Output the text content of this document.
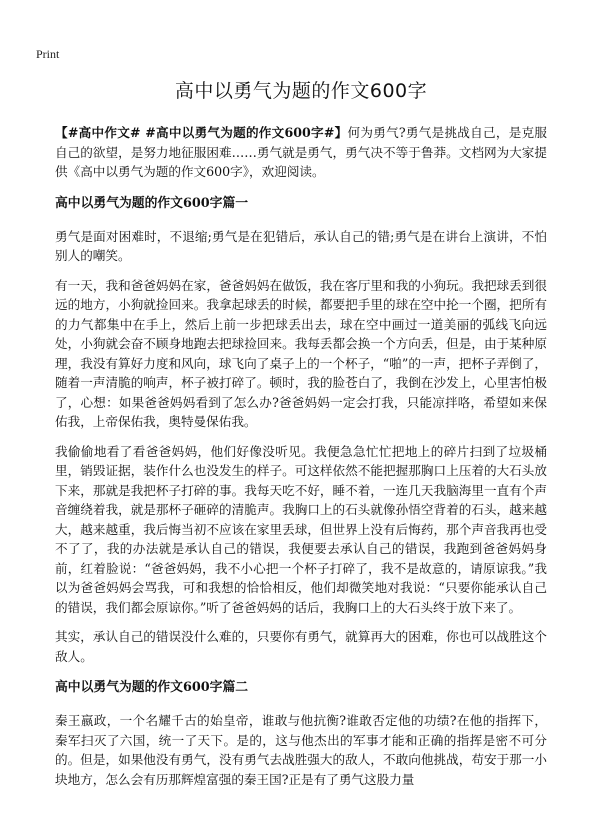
Print
高中以勇气为题的作文600字

【#高中作文# #高中以勇气为题的作文600字#】何为勇气?勇气是挑战自己，是克服自己的欲望，是努力地征服困难……勇气就是勇气，勇气决不等于鲁莽。文档网为大家提供《高中以勇气为题的作文600字》，欢迎阅读。

高中以勇气为题的作文600字篇一

勇气是面对困难时，不退缩;勇气是在犯错后，承认自己的错;勇气是在讲台上演讲，不怕别人的嘲笑。

有一天，我和爸爸妈妈在家，爸爸妈妈在做饭，我在客厅里和我的小狗玩。我把球丢到很远的地方，小狗就捡回来。我拿起球丢的时候，都要把手里的球在空中抡一个圈，把所有的力气都集中在手上，然后上前一步把球丢出去，球在空中画过一道美丽的弧线飞向远处，小狗就会奋不顾身地跑去把球捡回来。我每丢都会换一个方向丢，但是，由于某种原理，我没有算好力度和风向，球飞向了桌子上的一个杯子，“啪”的一声，把杯子弄倒了，随着一声清脆的响声，杯子被打碎了。顿时，我的脸苍白了，我倒在沙发上，心里害怕极了，心想：如果爸爸妈妈看到了怎么办?爸爸妈妈一定会打我，只能凉拌咯，希望如来保佑我，上帝保佑我，奥特曼保佑我。

我偷偷地看了看爸爸妈妈，他们好像没听见。我便急急忙忙把地上的碎片扫到了垃圾桶里，销毁证据，装作什么也没发生的样子。可这样依然不能把握那胸口上压着的大石头放下来，那就是我把杯子打碎的事。我每天吃不好，睡不着，一连几天我脑海里一直有个声音缠绕着我，就是那杯子砸碎的清脆声。我胸口上的石头就像孙悟空背着的石头，越来越大，越来越重，我后悔当初不应该在家里丢球，但世界上没有后悔药，那个声音我再也受不了了，我的办法就是承认自己的错误，我便要去承认自己的错误，我跑到爸爸妈妈身前，红着脸说：“爸爸妈妈，我不小心把一个杯子打碎了，我不是故意的，请原谅我。”我以为爸爸妈妈会骂我，可和我想的恰恰相反，他们却微笑地对我说：“只要你能承认自己的错误，我们都会原谅你。”听了爸爸妈妈的话后，我胸口上的大石头终于放下来了。

其实，承认自己的错误没什么难的，只要你有勇气，就算再大的困难，你也可以战胜这个敌人。

高中以勇气为题的作文600字篇二

秦王嬴政，一个名耀千古的始皇帝，谁敢与他抗衡?谁敢否定他的功绩?在他的指挥下，秦军扫灭了六国，统一了天下。是的，这与他杰出的军事才能和正确的指挥是密不可分的。但是，如果他没有勇气，没有勇气去战胜强大的敌人，不敢向他挑战，苟安于那一小块地方，怎么会有历那辉煌富强的秦王国?正是有了勇气这股力量
